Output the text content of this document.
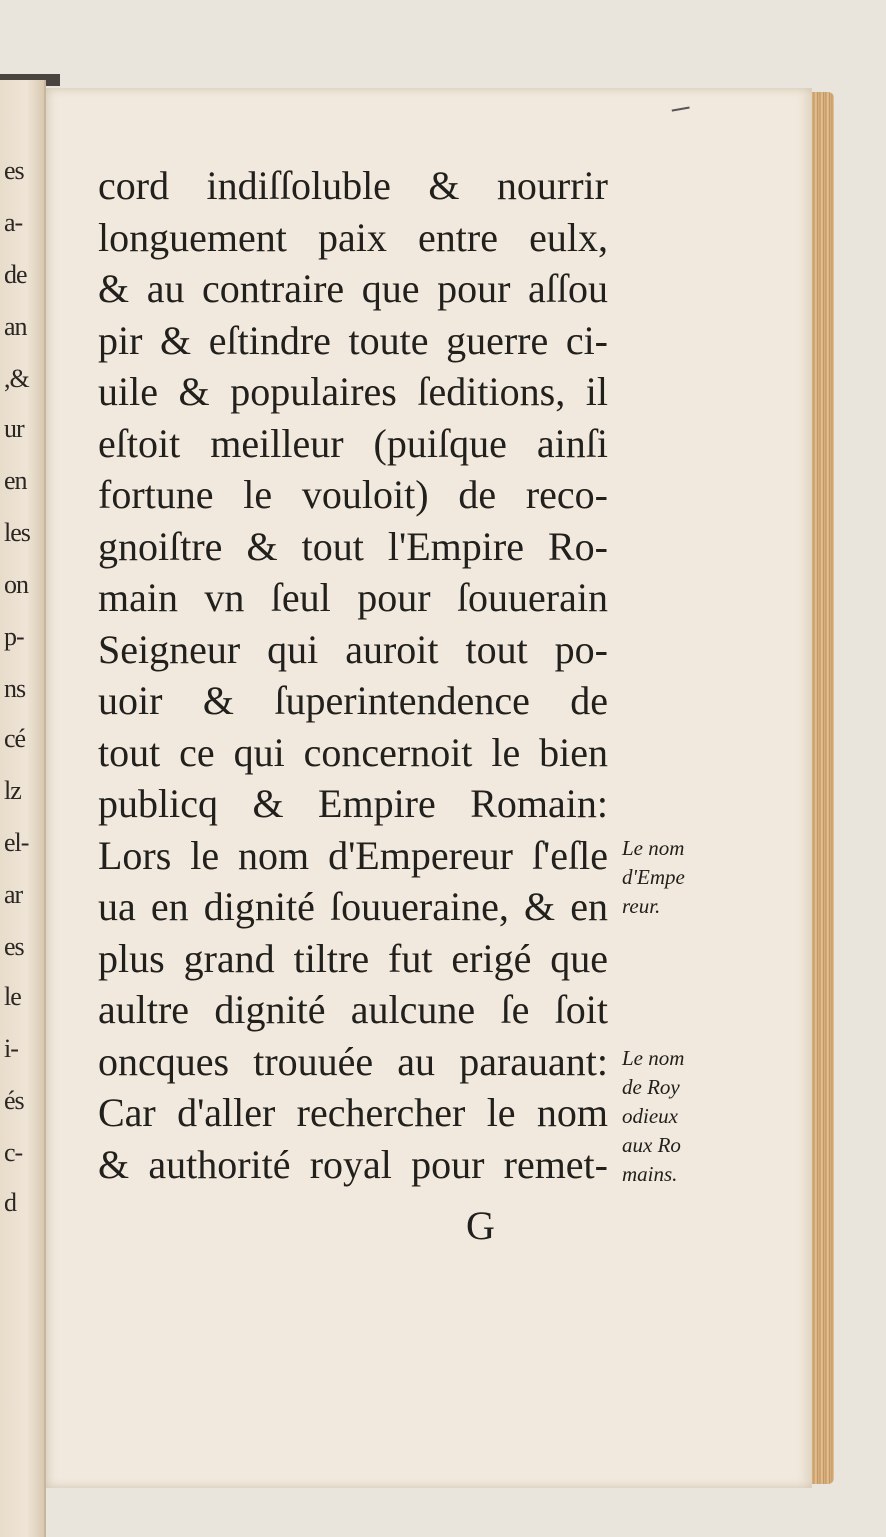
es
a-
de
an
,&
ur
en
les
on
p-
ns
cé
lz
el-
ar
es
le
i-
és
c-
d
cord indiſſoluble & nourrir
longuement paix entre eulx,
& au contraire que pour aſſou
pir & eſtindre toute guerre ci-
uile & populaires ſeditions, il
eſtoit meilleur (puiſque ainſi
fortune le vouloit) de reco-
gnoiſtre & tout l'Empire Ro-
main vn ſeul pour ſouuerain
Seigneur qui auroit tout po-
uoir & ſuperintendence de
tout ce qui concernoit le bien
publicq & Empire Romain:
Lors le nom d'Empereur ſ'eſle
ua en dignité ſouueraine, & en
plus grand tiltre fut erigé que
aultre dignité aulcune ſe ſoit
oncques trouuée au parauant:
Car d'aller rechercher le nom
& authorité royal pour remet-
G
Le nom
d'Empe
reur.
Le nom
de Roy
odieux
aux Ro
mains.
